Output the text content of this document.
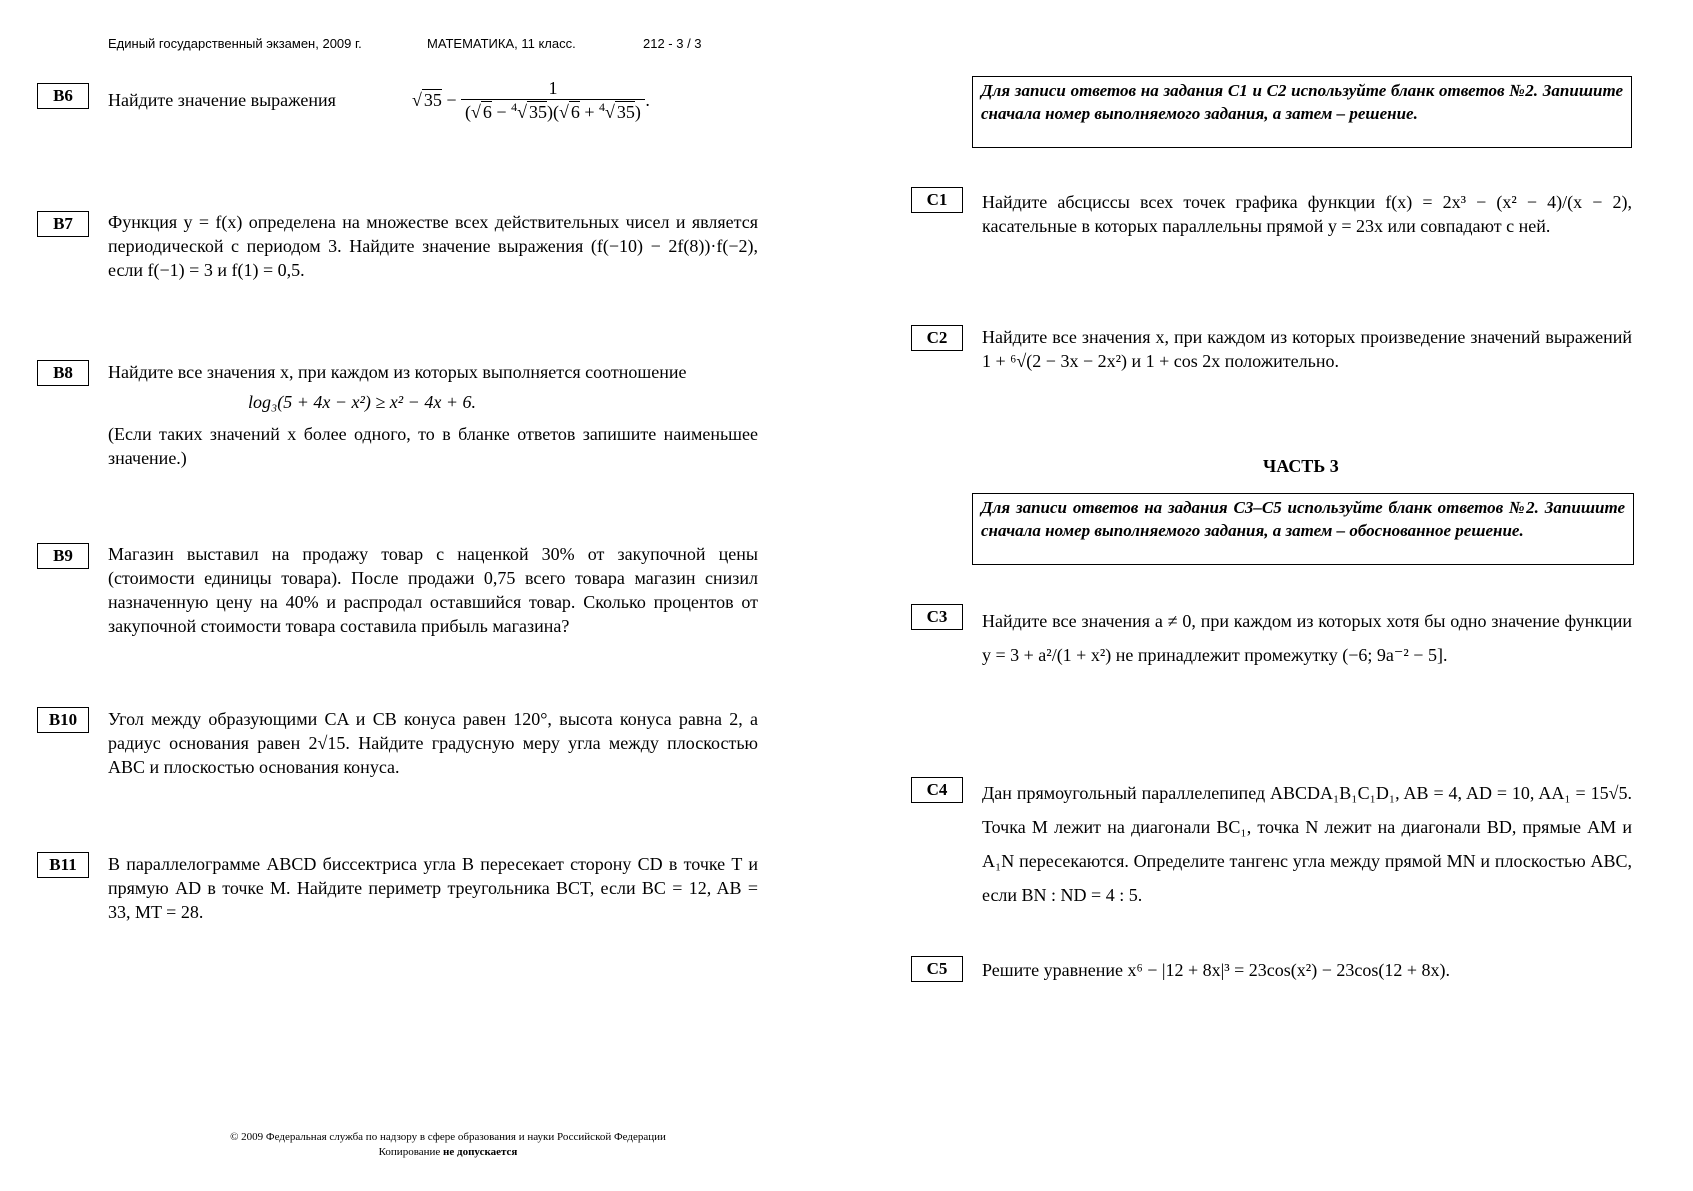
Единый государственный экзамен, 2009 г.	МАТЕМАТИКА, 11 класс.	212 - 3 / 3
B6	Найдите значение выражения	√ $35 - \frac{1}{(√ 6 - ^4√ 35)(√ 6 + ^4√ 35)}$ .
B7	Функция y = f(x) определена на множестве всех действительных чисел и является периодической с периодом 3. Найдите значение выражения (f(−10) − 2f(8))·f(−2), если f(−1) = 3 и f(1) = 0,5.
B8	Найдите все значения x, при каждом из которых выполняется соотношение

log₃(5 + 4x − x²) ≥ x² − 4x + 6.

(Если таких значений x более одного, то в бланке ответов запишите наименьшее значение.)

B9	Магазин выставил на продажу товар с наценкой 30% от закупочной цены (стоимости единицы товара). После продажи 0,75 всего товара магазин снизил назначенную цену на 40% и распродал оставшийся товар. Сколько процентов от закупочной стоимости товара составила прибыль магазина?
B10	Угол между образующими CA и CB конуса равен 120°, высота конуса равна 2, а радиус основания равен 2√15. Найдите градусную меру угла между плоскостью ABC и плоскостью основания конуса.
B11	В параллелограмме ABCD биссектриса угла B пересекает сторону CD в точке T и прямую AD в точке M. Найдите периметр треугольника BCT, если BC = 12, AB = 33, MT = 28.
Для записи ответов на задания С1 и С2 используйте бланк ответов №2. Запишите сначала номер выполняемого задания, а затем – решение.
C1	Найдите абсциссы всех точек графика функции f(x) = 2x³ − (x² − 4)/(x − 2), касательные в которых параллельны прямой y = 23x или совпадают с ней.
C2	Найдите все значения x, при каждом из которых произведение значений выражений 1 + ⁶√(2 − 3x − 2x²) и 1 + cos 2x положительно.
ЧАСТЬ 3
Для записи ответов на задания С3–С5 используйте бланк ответов №2. Запишите сначала номер выполняемого задания, а затем – обоснованное решение.
C3	Найдите все значения a ≠ 0, при каждом из которых хотя бы одно значение функции y = 3 + a²/(1 + x²) не принадлежит промежутку (−6; 9a⁻² − 5].
C4	Дан прямоугольный параллелепипед ABCDA₁B₁C₁D₁, AB = 4, AD = 10, AA₁ = 15√5. Точка M лежит на диагонали BC₁, точка N лежит на диагонали BD, прямые AM и A₁N пересекаются. Определите тангенс угла между прямой MN и плоскостью ABC, если BN : ND = 4 : 5.
C5	Решите уравнение x⁶ − |12 + 8x|³ = 23cos(x²) − 23cos(12 + 8x).
© 2009 Федеральная служба по надзору в сфере образования и науки Российской Федерации
Копирование не допускается
